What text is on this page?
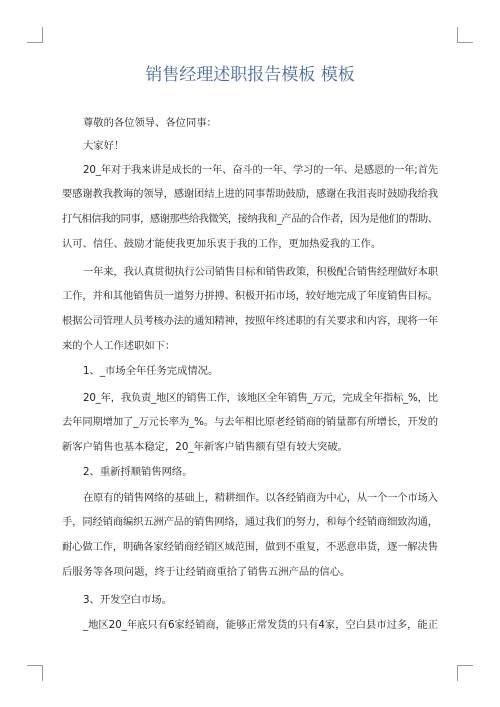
销售经理述职报告模板 模板
尊敬的各位领导、各位同事：
大家好！
20_年对于我来讲是成长的一年、奋斗的一年、学习的一年、是感恩的一年;首先
要感谢教我教诲的领导，感谢团结上进的同事帮助鼓励，感谢在我沮丧时鼓励我给我
打气相信我的同事，感谢那些给我微笑，接纳我和_产品的合作者，因为是他们的帮助、
认可、信任、鼓励才能使我更加乐衷于我的工作，更加热爱我的工作。
一年来，我认真贯彻执行公司销售目标和销售政策，积极配合销售经理做好本职
工作，并和其他销售员一道努力拼搏、积极开拓市场，较好地完成了年度销售目标。
根据公司管理人员考核办法的通知精神，按照年终述职的有关要求和内容，现将一年
来的个人工作述职如下：
1、_市场全年任务完成情况。
20_年，我负责_地区的销售工作，该地区全年销售_万元，完成全年指标_%，比
去年同期增加了_万元长率为_%。与去年相比原老经销商的销量都有所增长，开发的
新客户销售也基本稳定，20_年新客户销售额有望有较大突破。
2、重新捋顺销售网络。
在原有的销售网络的基础上，精耕细作。以各经销商为中心，从一个一个市场入
手，同经销商编织五洲产品的销售网络，通过我们的努力，和每个经销商细致沟通，
耐心做工作，明确各家经销商经销区域范围，做到不重复，不恶意串货，逐一解决售
后服务等各项问题，终于让经销商重拾了销售五洲产品的信心。
3、开发空白市场。
_地区20_年底只有6家经销商，能够正常发货的只有4家，空白县市过多，能正
